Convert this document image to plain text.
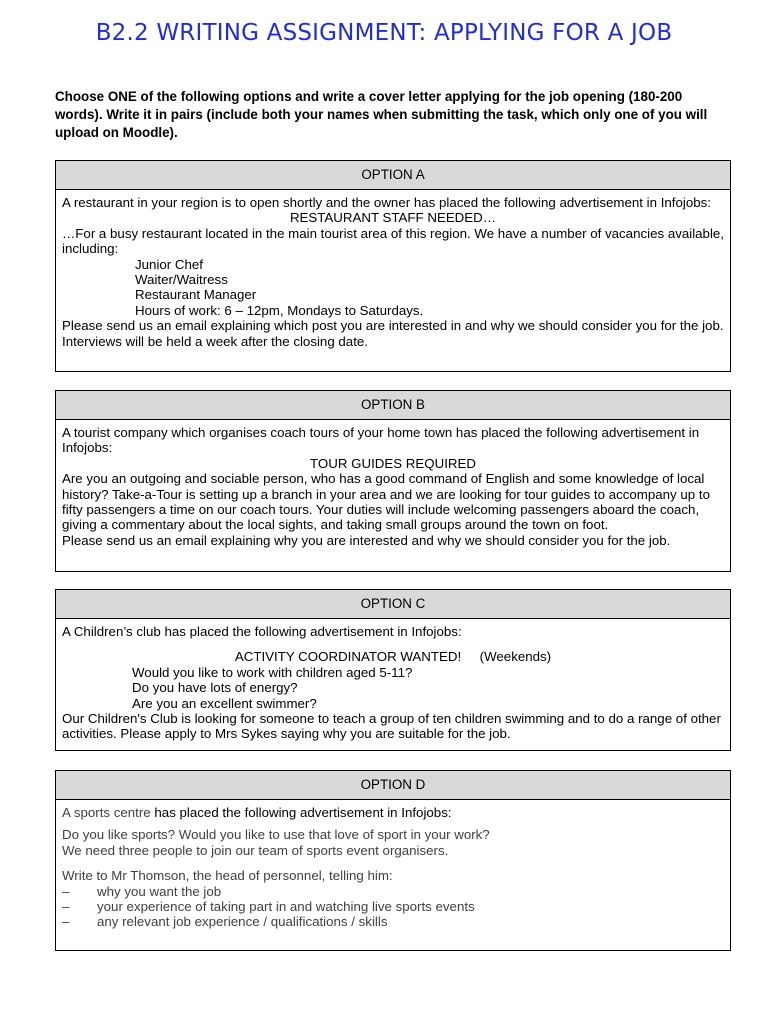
B2.2 WRITING ASSIGNMENT: APPLYING FOR A JOB
Choose ONE of the following options and write a cover letter applying for the job opening (180-200 words). Write it in pairs (include both your names when submitting the task, which only one of you will upload on Moodle).
OPTION A

A restaurant in your region is to open shortly and the owner has placed the following advertisement in Infojobs:

RESTAURANT STAFF NEEDED…

…For a busy restaurant located in the main tourist area of this region. We have a number of vacancies available, including:

Junior Chef

Waiter/Waitress

Restaurant Manager

Hours of work: 6 – 12pm, Mondays to Saturdays.

Please send us an email explaining which post you are interested in and why we should consider you for the job. Interviews will be held a week after the closing date.

OPTION B

A tourist company which organises coach tours of your home town has placed the following advertisement in Infojobs:

TOUR GUIDES REQUIRED

Are you an outgoing and sociable person, who has a good command of English and some knowledge of local history? Take-a-Tour is setting up a branch in your area and we are looking for tour guides to accompany up to fifty passengers a time on our coach tours. Your duties will include welcoming passengers aboard the coach, giving a commentary about the local sights, and taking small groups around the town on foot.

Please send us an email explaining why you are interested and why we should consider you for the job.

OPTION C

A Children’s club has placed the following advertisement in Infojobs:

ACTIVITY COORDINATOR WANTED!     (Weekends)

Would you like to work with children aged 5-11?

Do you have lots of energy?

Are you an excellent swimmer?

Our Children's Club is looking for someone to teach a group of ten children swimming and to do a range of other activities. Please apply to Mrs Sykes saying why you are suitable for the job.

OPTION D

A sports centre has placed the following advertisement in Infojobs:

Do you like sports? Would you like to use that love of sport in your work?

We need three people to join our team of sports event organisers.

Write to Mr Thomson, the head of personnel, telling him:

–	why you want the job
–	your experience of taking part in and watching live sports events
–	any relevant job experience / qualifications / skills
